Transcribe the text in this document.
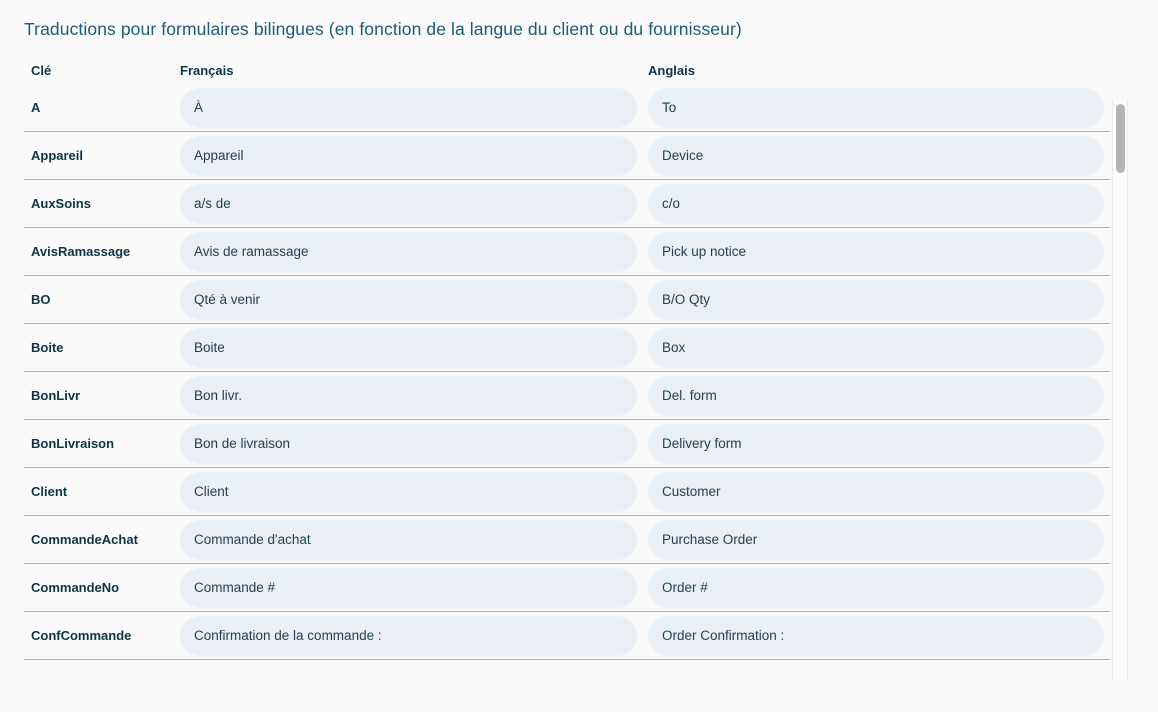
Traductions pour formulaires bilingues (en fonction de la langue du client ou du fournisseur)
Clé	Français	Anglais
A
À
To
Appareil
Appareil
Device
AuxSoins
a/s de
c/o
AvisRamassage
Avis de ramassage
Pick up notice
BO
Qté à venir
B/O Qty
Boite
Boite
Box
BonLivr
Bon livr.
Del. form
BonLivraison
Bon de livraison
Delivery form
Client
Client
Customer
CommandeAchat
Commande d'achat
Purchase Order
CommandeNo
Commande #
Order #
ConfCommande
Confirmation de la commande :
Order Confirmation :
